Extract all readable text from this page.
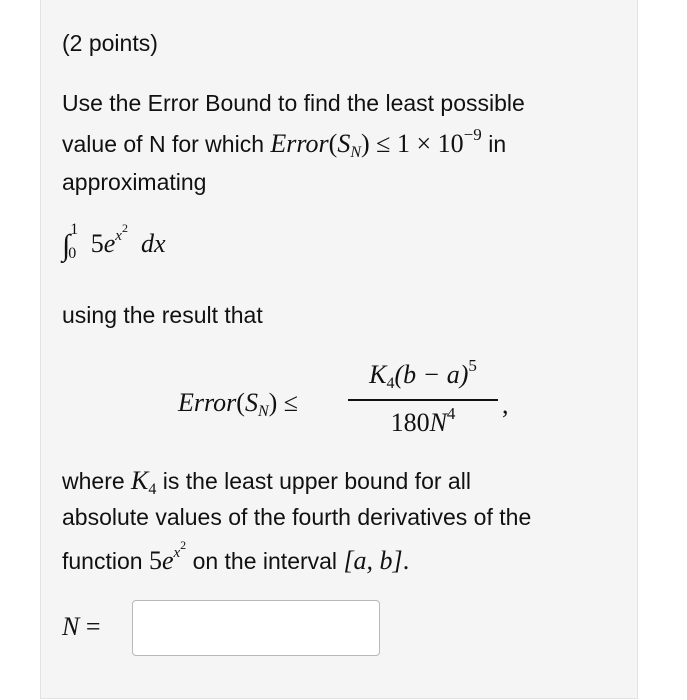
(2 points)
Use the Error Bound to find the least possible
value of N for which $Error(S_N) \le 1 \times 10^{-9}$ in
approximating
∫ 1
0 $5e^{x^2}$  dx
using the result that
$Error(S_N)$ ≤
$K_4(b - a)^5$
$180N^4$	,
where $K_4$ is the least upper bound for all
absolute values of the fourth derivatives of the
function $5e^{x^2}$ on the interval [a, b].
N =
